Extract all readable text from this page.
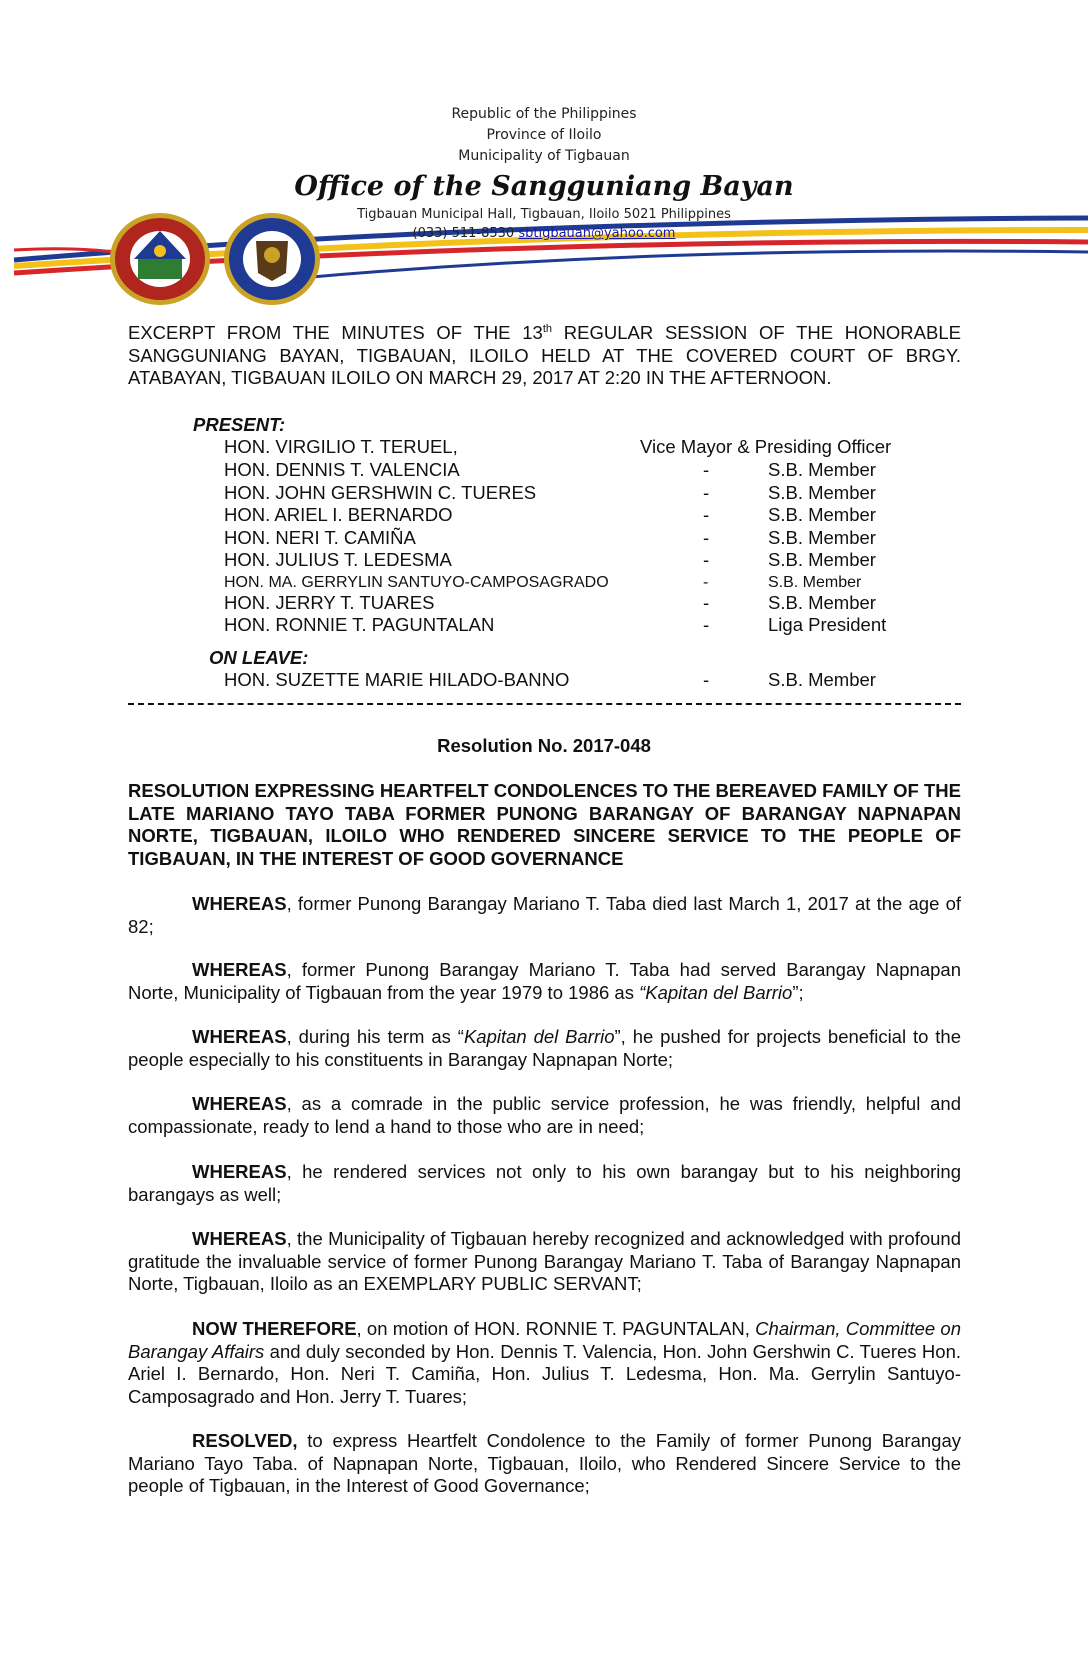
Republic of the Philippines
Province of Iloilo
Municipality of Tigbauan
Office of the Sangguniang Bayan
Tigbauan Municipal Hall, Tigbauan, Iloilo 5021 Philippines
(033) 511-8530 sbtigbauan@yahoo.com
EXCERPT FROM THE MINUTES OF THE 13th REGULAR SESSION OF THE HONORABLE SANGGUNIANG BAYAN, TIGBAUAN, ILOILO HELD AT THE COVERED COURT OF BRGY. ATABAYAN, TIGBAUAN ILOILO ON MARCH 29, 2017 AT 2:20 IN THE AFTERNOON.
PRESENT:
HON. VIRGILIO T. TERUEL,	Vice Mayor & Presiding Officer
HON. DENNIS T. VALENCIA	-	S.B. Member
HON. JOHN GERSHWIN C. TUERES	-	S.B. Member
HON. ARIEL I. BERNARDO	-	S.B. Member
HON. NERI T. CAMIÑA	-	S.B. Member
HON. JULIUS T. LEDESMA	-	S.B. Member
HON. MA. GERRYLIN SANTUYO-CAMPOSAGRADO	-	S.B. Member
HON. JERRY T. TUARES	-	S.B. Member
HON. RONNIE T. PAGUNTALAN	-	Liga President
ON LEAVE:
HON. SUZETTE MARIE HILADO-BANNO	-	S.B. Member
Resolution No. 2017-048
RESOLUTION EXPRESSING HEARTFELT CONDOLENCES TO THE BEREAVED FAMILY OF THE LATE MARIANO TAYO TABA FORMER PUNONG BARANGAY OF BARANGAY NAPNAPAN NORTE, TIGBAUAN, ILOILO WHO RENDERED SINCERE SERVICE TO THE PEOPLE OF TIGBAUAN, IN THE INTEREST OF GOOD GOVERNANCE
WHEREAS, former Punong Barangay Mariano T. Taba died last March 1, 2017 at the age of 82;
WHEREAS, former Punong Barangay Mariano T. Taba had served Barangay Napnapan Norte, Municipality of Tigbauan from the year 1979 to 1986 as “Kapitan del Barrio”;
WHEREAS, during his term as “Kapitan del Barrio”, he pushed for projects beneficial to the people especially to his constituents in Barangay Napnapan Norte;
WHEREAS, as a comrade in the public service profession, he was friendly, helpful and compassionate, ready to lend a hand to those who are in need;
WHEREAS, he rendered services not only to his own barangay but to his neighboring barangays as well;
WHEREAS, the Municipality of Tigbauan hereby recognized and acknowledged with profound gratitude the invaluable service of former Punong Barangay Mariano T. Taba of Barangay Napnapan Norte, Tigbauan, Iloilo as an EXEMPLARY PUBLIC SERVANT;
NOW THEREFORE, on motion of HON. RONNIE T. PAGUNTALAN, Chairman, Committee on Barangay Affairs and duly seconded by Hon. Dennis T. Valencia, Hon. John Gershwin C. Tueres Hon. Ariel I. Bernardo, Hon. Neri T. Camiña, Hon. Julius T. Ledesma, Hon. Ma. Gerrylin Santuyo-Camposagrado and Hon. Jerry T. Tuares;
RESOLVED, to express Heartfelt Condolence to the Family of former Punong Barangay Mariano Tayo Taba. of Napnapan Norte, Tigbauan, Iloilo, who Rendered Sincere Service to the people of Tigbauan, in the Interest of Good Governance;
